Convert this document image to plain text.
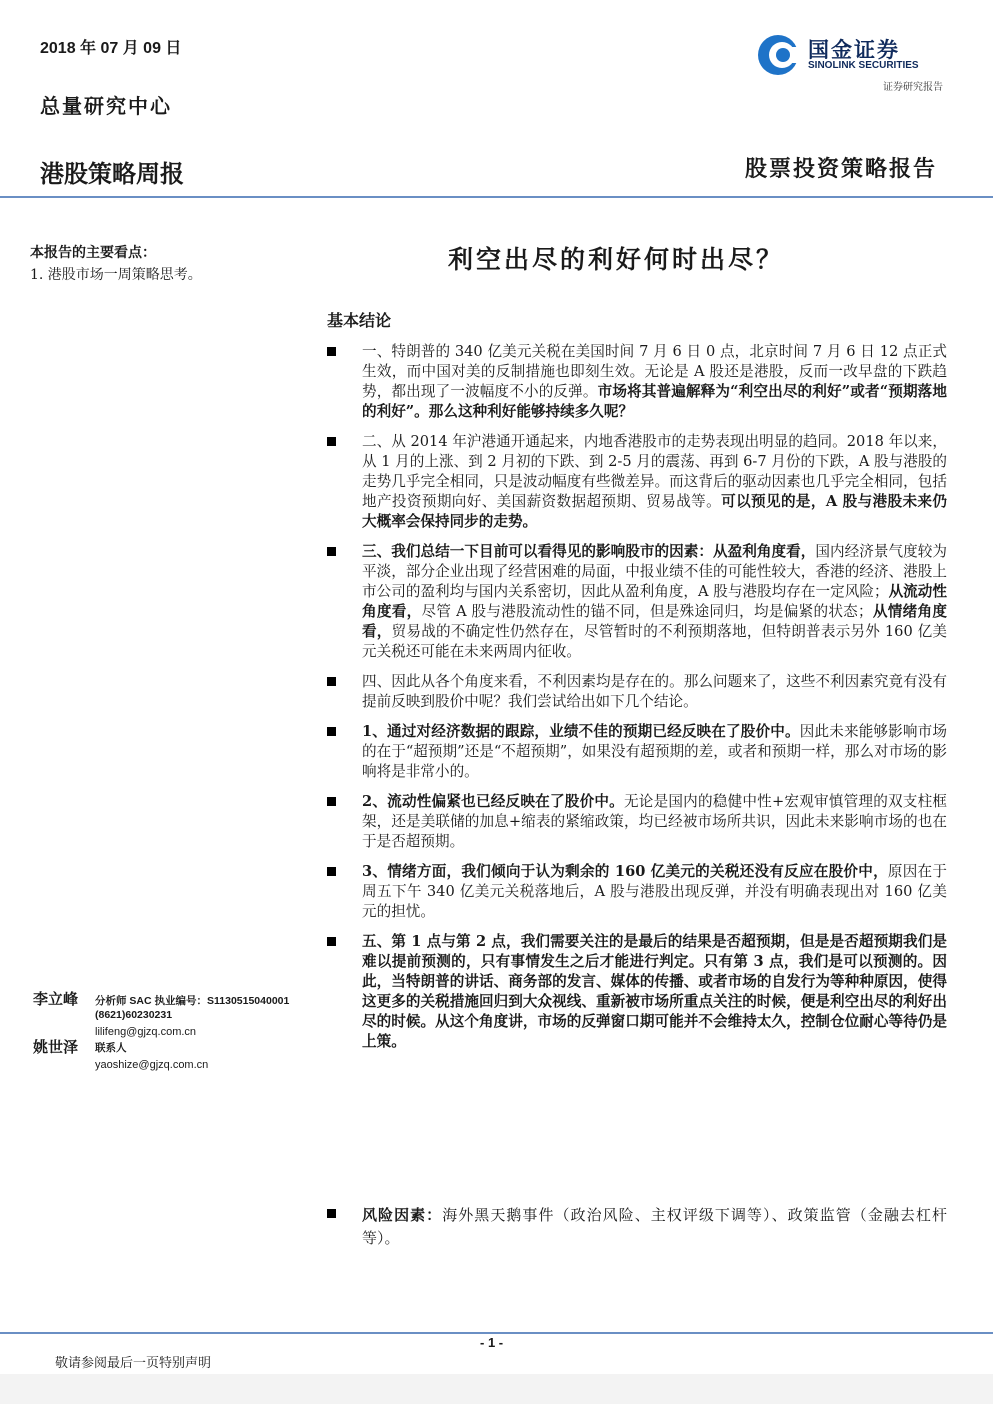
2018 年 07 月 09 日
总量研究中心
港股策略周报	股票投资策略报告
国金证券
SINOLINK SECURITIES
证券研究报告
本报告的主要看点：
1. 港股市场一周策略思考。
利空出尽的利好何时出尽？
基本结论
一、特朗普的 340 亿美元关税在美国时间 7 月 6 日 0 点，北京时间 7 月 6 日 12 点正式生效，而中国对美的反制措施也即刻生效。无论是 A 股还是港股，反而一改早盘的下跌趋势，都出现了一波幅度不小的反弹。市场将其普遍解释为“利空出尽的利好”或者“预期落地的利好”。那么这种利好能够持续多久呢？
二、从 2014 年沪港通开通起来，内地香港股市的走势表现出明显的趋同。2018 年以来，从 1 月的上涨、到 2 月初的下跌、到 2-5 月的震荡、再到 6-7 月份的下跌，A 股与港股的走势几乎完全相同，只是波动幅度有些微差异。而这背后的驱动因素也几乎完全相同，包括地产投资预期向好、美国薪资数据超预期、贸易战等。可以预见的是，A 股与港股未来仍大概率会保持同步的走势。
三、我们总结一下目前可以看得见的影响股市的因素：从盈利角度看，国内经济景气度较为平淡，部分企业出现了经营困难的局面，中报业绩不佳的可能性较大，香港的经济、港股上市公司的盈利均与国内关系密切，因此从盈利角度，A 股与港股均存在一定风险；从流动性角度看，尽管 A 股与港股流动性的锚不同，但是殊途同归，均是偏紧的状态；从情绪角度看，贸易战的不确定性仍然存在，尽管暂时的不利预期落地，但特朗普表示另外 160 亿美元关税还可能在未来两周内征收。
四、因此从各个角度来看，不利因素均是存在的。那么问题来了，这些不利因素究竟有没有提前反映到股价中呢？我们尝试给出如下几个结论。
1、通过对经济数据的跟踪，业绩不佳的预期已经反映在了股价中。因此未来能够影响市场的在于“超预期”还是“不超预期”，如果没有超预期的差，或者和预期一样，那么对市场的影响将是非常小的。
2、流动性偏紧也已经反映在了股价中。无论是国内的稳健中性+宏观审慎管理的双支柱框架，还是美联储的加息+缩表的紧缩政策，均已经被市场所共识，因此未来影响市场的也在于是否超预期。
3、情绪方面，我们倾向于认为剩余的 160 亿美元的关税还没有反应在股价中，原因在于周五下午 340 亿美元关税落地后，A 股与港股出现反弹，并没有明确表现出对 160 亿美元的担忧。
五、第 1 点与第 2 点，我们需要关注的是最后的结果是否超预期，但是是否超预期我们是难以提前预测的，只有事情发生之后才能进行判定。只有第 3 点，我们是可以预测的。因此，当特朗普的讲话、商务部的发言、媒体的传播、或者市场的自发行为等种种原因，使得这更多的关税措施回归到大众视线、重新被市场所重点关注的时候，便是利空出尽的利好出尽的时候。从这个角度讲，市场的反弹窗口期可能并不会维持太久，控制仓位耐心等待仍是上策。
风险因素：海外黑天鹅事件（政治风险、主权评级下调等）、政策监管（金融去杠杆等）。
李立峰 分析师 SAC 执业编号：S1130515040001
(8621)60230231
lilifeng@gjzq.com.cn
姚世泽 联系人
yaoshize@gjzq.com.cn
- 1 -
敬请参阅最后一页特别声明
